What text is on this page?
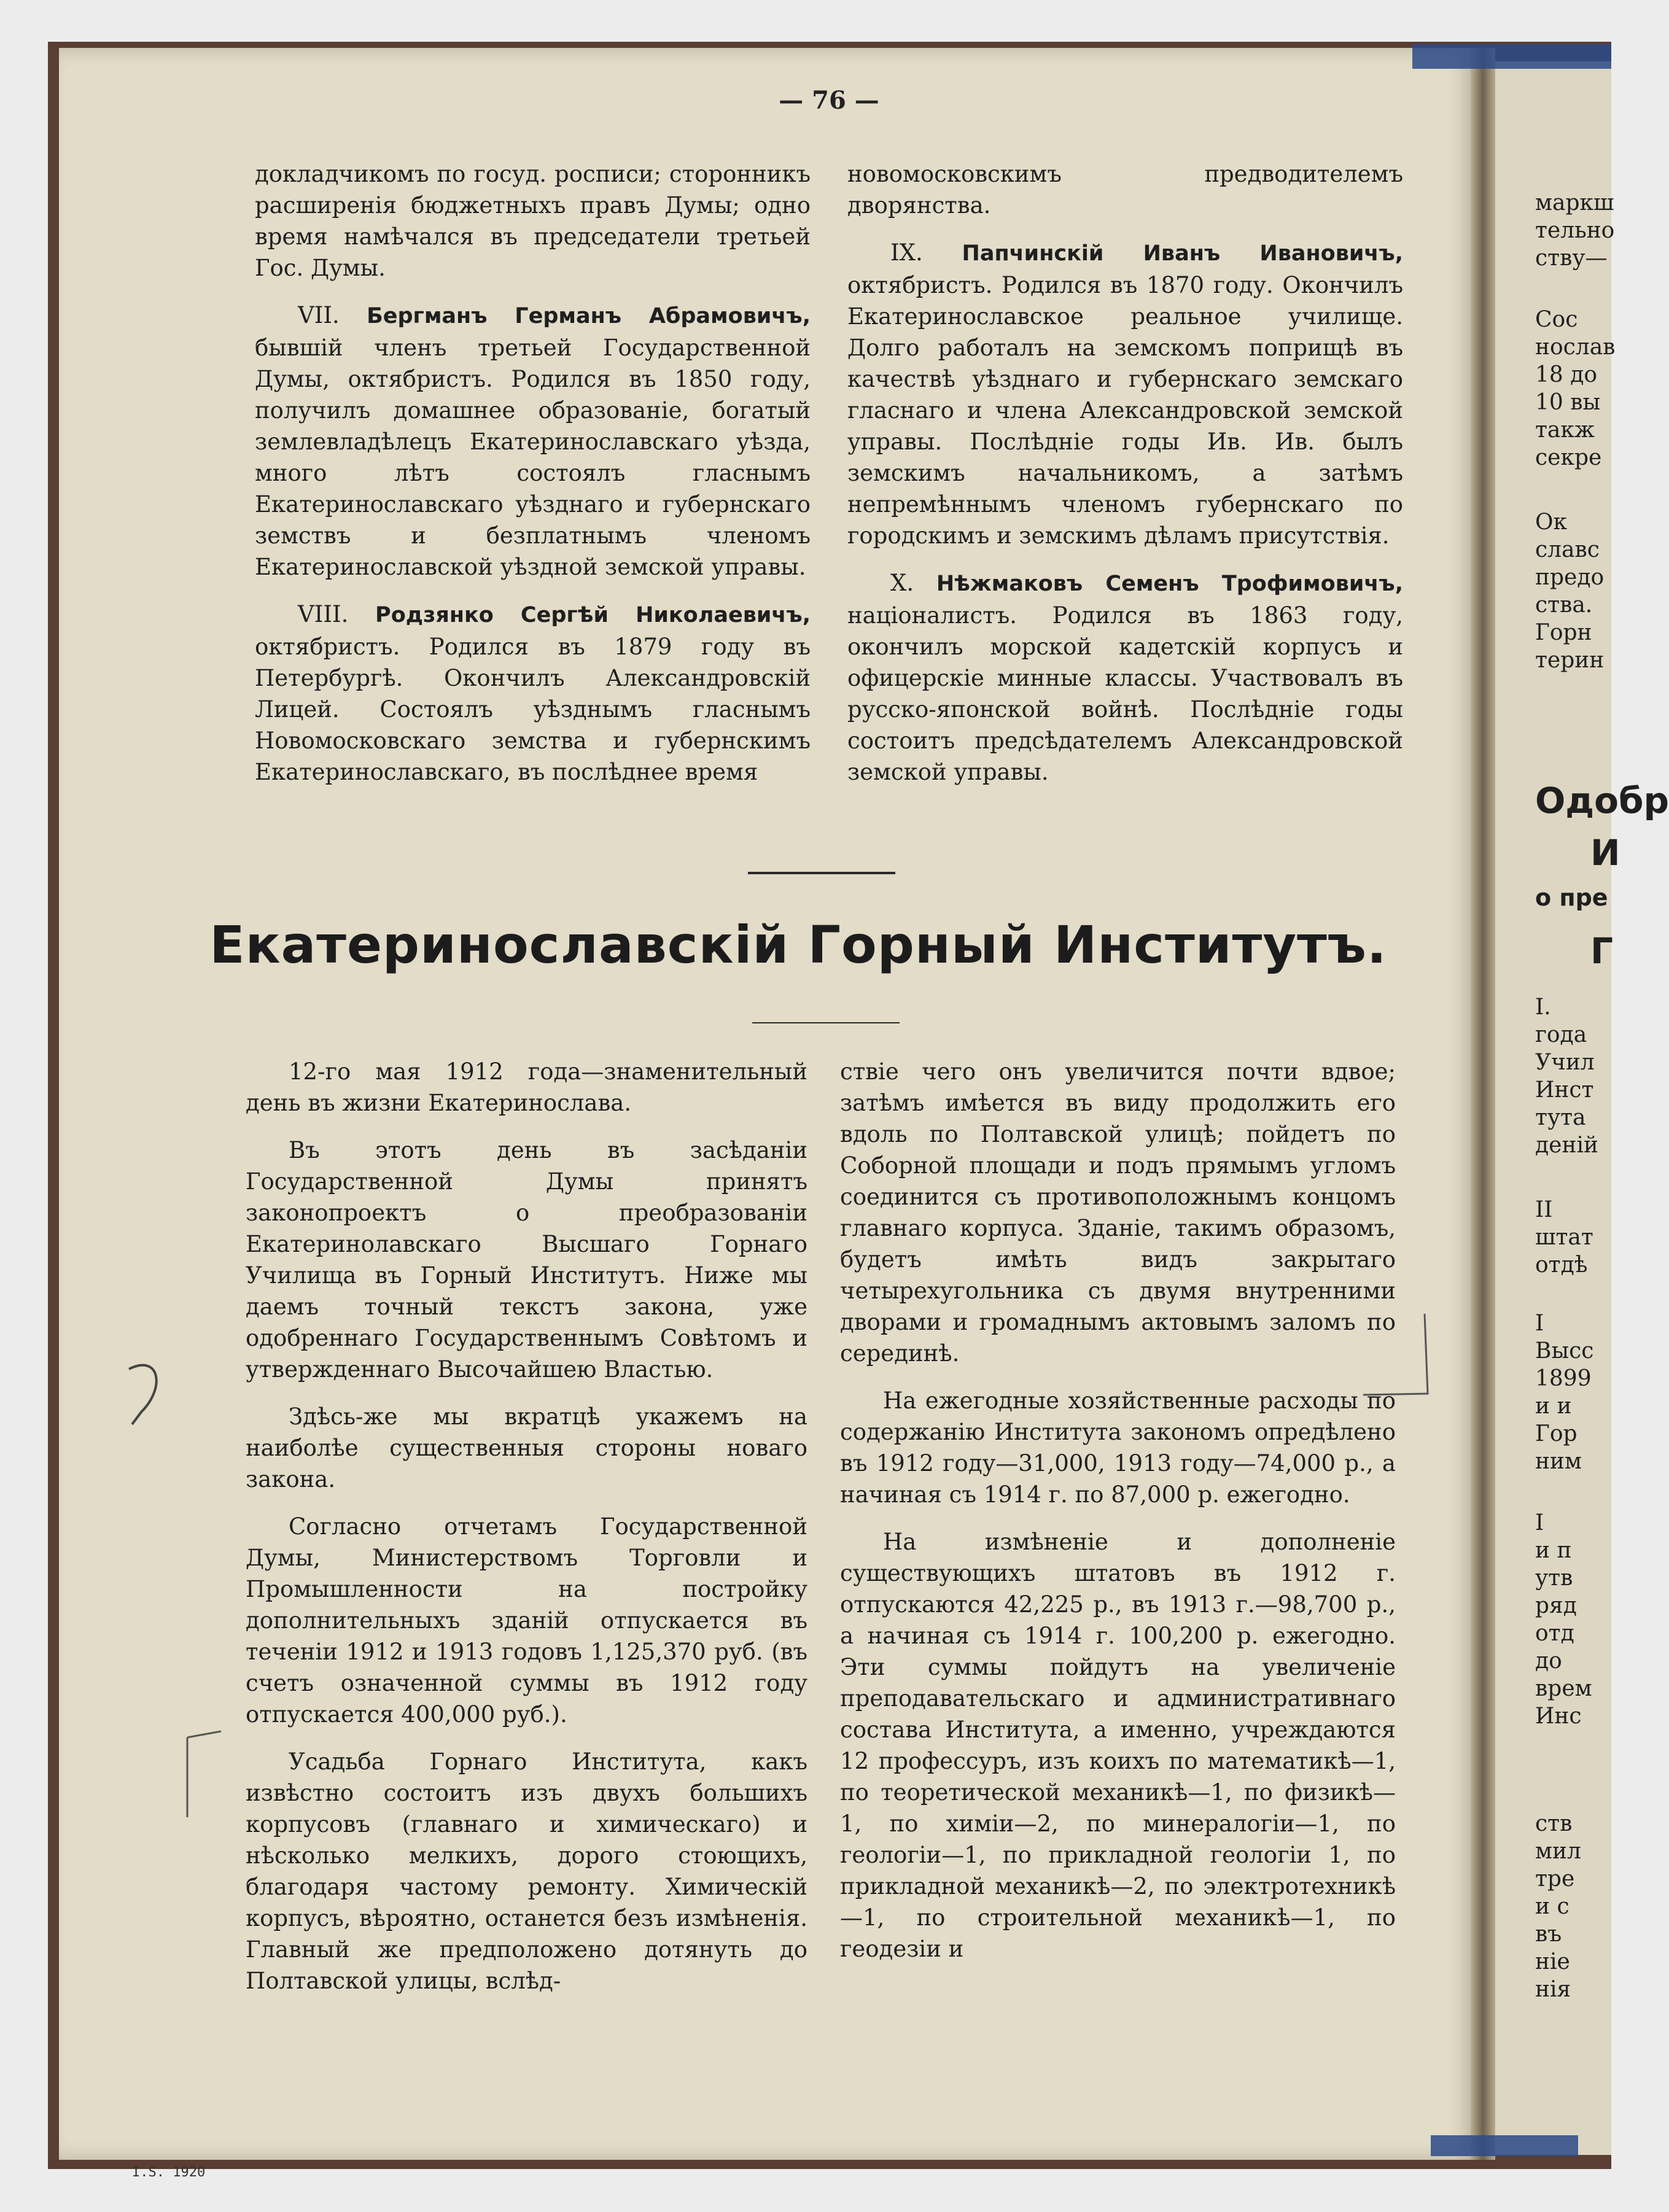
— 76 —

докладчикомъ по госуд. росписи; сторонникъ расширенія бюджетныхъ правъ Думы; одно время намѣчался въ председатели третьей Гос. Думы.

VII. Бергманъ Германъ Абрамовичъ, бывшій членъ третьей Государственной Думы, октябристъ. Родился въ 1850 году, получилъ домашнее образованіе, богатый землевладѣлецъ Екатеринославскаго уѣзда, много лѣтъ состоялъ гласнымъ Екатеринославскаго уѣзднаго и губернскаго земствъ и безплатнымъ членомъ Екатеринославской уѣздной земской управы.

VIII. Родзянко Сергѣй Николаевичъ, октябристъ. Родился въ 1879 году въ Петербургѣ. Окончилъ Александровскій Лицей. Состоялъ уѣзднымъ гласнымъ Новомосковскаго земства и губернскимъ Екатеринославскаго, въ послѣднее время

новомосковскимъ предводителемъ дворянства.

IX. Папчинскій Иванъ Ивановичъ, октябристъ. Родился въ 1870 году. Окончилъ Екатеринославское реальное училище. Долго работалъ на земскомъ поприщѣ въ качествѣ уѣзднаго и губернскаго земскаго гласнаго и члена Александровской земской управы. Послѣдніе годы Ив. Ив. былъ земскимъ начальникомъ, а затѣмъ непремѣннымъ членомъ губернскаго по городскимъ и земскимъ дѣламъ присутствія.

X. Нѣжмаковъ Семенъ Трофимовичъ, націоналистъ. Родился въ 1863 году, окончилъ морской кадетскій корпусъ и офицерскіе минные классы. Участвовалъ въ русско-японской войнѣ. Послѣдніе годы состоитъ предсѣдателемъ Александровской земской управы.

Екатеринославскій Горный Институтъ.

12-го мая 1912 года—знаменительный день въ жизни Екатеринослава.

Въ этотъ день въ засѣданіи Государственной Думы принятъ законопроектъ о преобразованіи Екатеринолавскаго Высшаго Горнаго Училища въ Горный Институтъ. Ниже мы даемъ точный текстъ закона, уже одобреннаго Государственнымъ Совѣтомъ и утвержденнаго Высочайшею Властью.

Здѣсь-же мы вкратцѣ укажемъ на наиболѣе существенныя стороны новаго закона.

Согласно отчетамъ Государственной Думы, Министерствомъ Торговли и Промышленности на постройку дополнительныхъ зданій отпускается въ теченіи 1912 и 1913 годовъ 1,125,370 руб. (въ счетъ означенной суммы въ 1912 году отпускается 400,000 руб.).

Усадьба Горнаго Института, какъ извѣстно состоитъ изъ двухъ большихъ корпусовъ (главнаго и химическаго) и нѣсколько мелкихъ, дорого стоющихъ, благодаря частому ремонту. Химическій корпусъ, вѣроятно, останется безъ измѣненія. Главный же предположено дотянуть до Полтавской улицы, вслѣд-

ствіе чего онъ увеличится почти вдвое; затѣмъ имѣется въ виду продолжить его вдоль по Полтавской улицѣ; пойдетъ по Соборной площади и подъ прямымъ угломъ соединится съ противоположнымъ концомъ главнаго корпуса. Зданіе, такимъ образомъ, будетъ имѣть видъ закрытаго четырехугольника съ двумя внутренними дворами и громаднымъ актовымъ заломъ по серединѣ.

На ежегодные хозяйственные расходы по содержанію Института закономъ опредѣлено въ 1912 году—31,000, 1913 году—74,000 р., а начиная съ 1914 г. по 87,000 р. ежегодно.

На измѣненіе и дополненіе существующихъ штатовъ въ 1912 г. отпускаются 42,225 р., въ 1913 г.—98,700 р., а начиная съ 1914 г. 100,200 р. ежегодно. Эти суммы пойдутъ на увеличеніе преподавательскаго и административнаго состава Института, а именно, учреждаются 12 профессуръ, изъ коихъ по математикѣ—1, по теоретической механикѣ—1, по физикѣ—1, по химіи—2, по минералогіи—1, по геологіи—1, по прикладной геологіи 1, по прикладной механикѣ—2, по электротехникѣ—1, по строительной механикѣ—1, по геодезіи и

маркш
тельно
ству—
Сос
нослав
18 до
10 вы
такж
секре
Ок
славс
предо
ства.
Горн
терин
Одобр
И
о пре
Г
I.
года
Учил
Инст
тута
деній
II
штат
отдѣ
I
Высс
1899
и и
Гор
ним
I
и п
утв
ряд
отд
до
врем
Инс
ств
мил
тре
и с
въ
ніе
нія
I.S. 1920
